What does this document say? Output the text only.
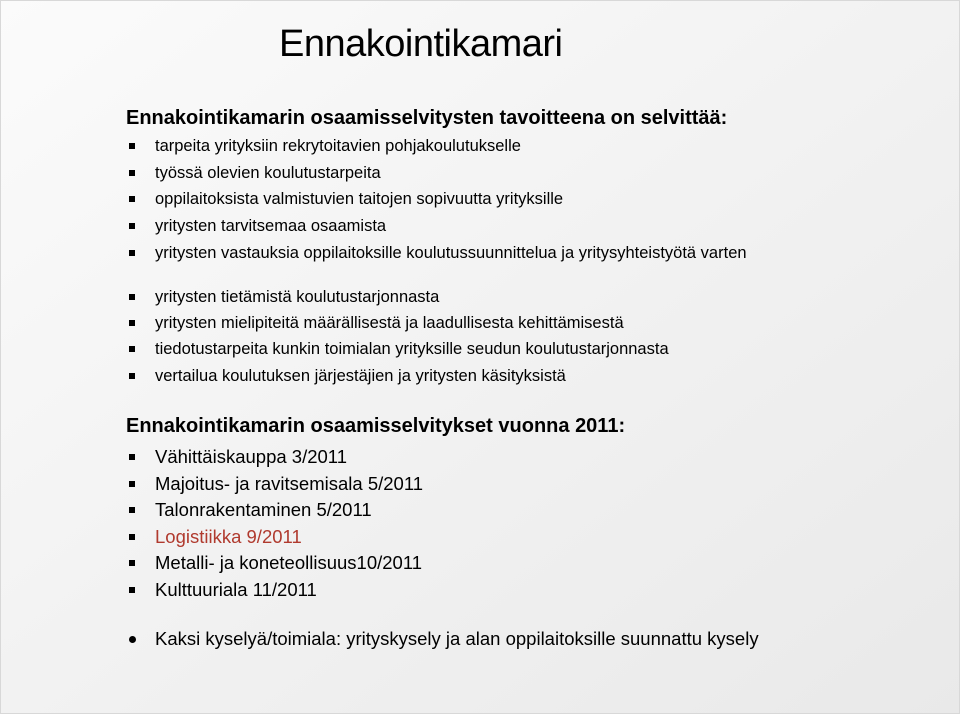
Ennakointikamari
Ennakointikamarin osaamisselvitysten tavoitteena on selvittää:
tarpeita yrityksiin rekrytoitavien pohjakoulutukselle
työssä olevien koulutustarpeita
oppilaitoksista valmistuvien taitojen sopivuutta yrityksille
yritysten tarvitsemaa osaamista
yritysten vastauksia oppilaitoksille koulutussuunnittelua ja yritysyhteistyötä varten
yritysten tietämistä koulutustarjonnasta
yritysten mielipiteitä määrällisestä ja laadullisesta kehittämisestä
tiedotustarpeita kunkin toimialan yrityksille seudun koulutustarjonnasta
vertailua koulutuksen järjestäjien ja yritysten käsityksistä
Ennakointikamarin osaamisselvitykset vuonna 2011:
Vähittäiskauppa 3/2011
Majoitus- ja ravitsemisala 5/2011
Talonrakentaminen 5/2011
Logistiikka 9/2011
Metalli- ja koneteollisuus10/2011
Kulttuuriala 11/2011
Kaksi kyselyä/toimiala: yrityskysely ja alan oppilaitoksille suunnattu kysely
